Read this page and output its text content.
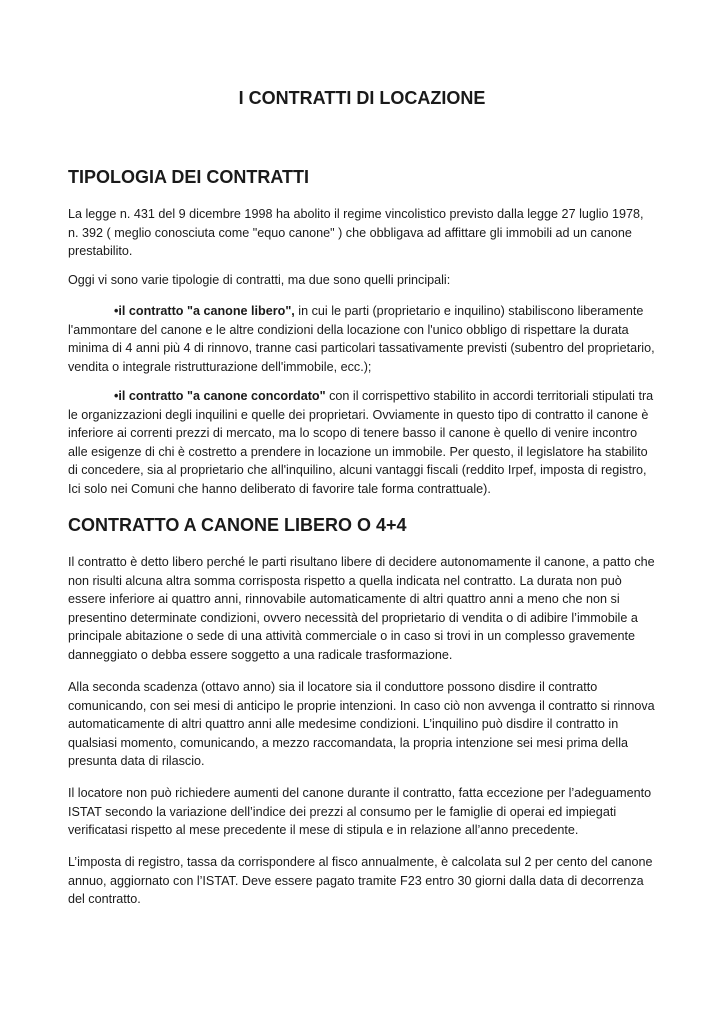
I CONTRATTI DI LOCAZIONE
TIPOLOGIA DEI CONTRATTI

La legge n. 431 del 9 dicembre 1998 ha abolito il regime vincolistico previsto dalla legge 27 luglio 1978, n. 392 ( meglio conosciuta come "equo canone" ) che obbligava ad affittare gli immobili ad un canone prestabilito.

Oggi vi sono varie tipologie di contratti, ma due sono quelli principali:

•il contratto "a canone libero", in cui le parti (proprietario e inquilino) stabiliscono liberamente l'ammontare del canone e le altre condizioni della locazione con l'unico obbligo di rispettare la durata minima di 4 anni più 4 di rinnovo, tranne casi particolari tassativamente previsti (subentro del proprietario, vendita o integrale ristrutturazione dell'immobile, ecc.);

•il contratto "a canone concordato" con il corrispettivo stabilito in accordi territoriali stipulati tra le organizzazioni degli inquilini e quelle dei proprietari. Ovviamente in questo tipo di contratto il canone è inferiore ai correnti prezzi di mercato, ma lo scopo di tenere basso il canone è quello di venire incontro alle esigenze di chi è costretto a prendere in locazione un immobile. Per questo, il legislatore ha stabilito di concedere, sia al proprietario che all'inquilino, alcuni vantaggi fiscali (reddito Irpef, imposta di registro, Ici solo nei Comuni che hanno deliberato di favorire tale forma contrattuale).

CONTRATTO A CANONE LIBERO O 4+4

Il contratto è detto libero perché le parti risultano libere di decidere autonomamente il canone, a patto che non risulti alcuna altra somma corrisposta rispetto a quella indicata nel contratto. La durata non può essere inferiore ai quattro anni, rinnovabile automaticamente di altri quattro anni a meno che non si presentino determinate condizioni, ovvero necessità del proprietario di vendita o di adibire l’immobile a principale abitazione o sede di una attività commerciale o in caso si trovi in un complesso gravemente danneggiato o debba essere soggetto a una radicale trasformazione.

Alla seconda scadenza (ottavo anno) sia il locatore sia il conduttore possono disdire il contratto comunicando, con sei mesi di anticipo le proprie intenzioni. In caso ciò non avvenga il contratto si rinnova automaticamente di altri quattro anni alle medesime condizioni. L’inquilino può disdire il contratto in qualsiasi momento, comunicando, a mezzo raccomandata, la propria intenzione sei mesi prima della presunta data di rilascio.

Il locatore non può richiedere aumenti del canone durante il contratto, fatta eccezione per l’adeguamento ISTAT secondo la variazione dell’indice dei prezzi al consumo per le famiglie di operai ed impiegati verificatasi rispetto al mese precedente il mese di stipula e in relazione all’anno precedente.

L’imposta di registro, tassa da corrispondere al fisco annualmente, è calcolata sul 2 per cento del canone annuo, aggiornato con l’ISTAT. Deve essere pagato tramite F23 entro 30 giorni dalla data di decorrenza del contratto.
